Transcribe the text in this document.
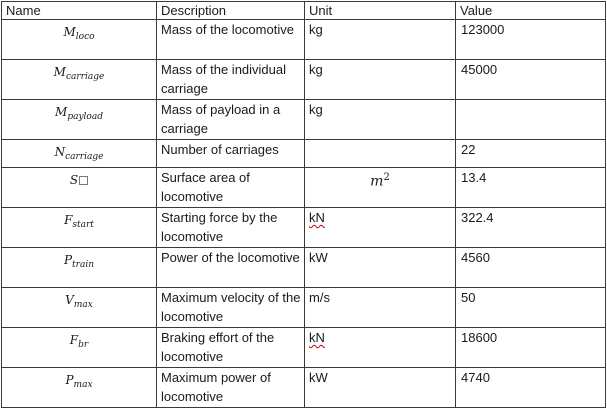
Name	Description	Unit	Value
$M_{loco}$	Mass of the locomotive	kg	123000
$M_{carriage}$	Mass of the individual carriage	kg	45000
$M_{payload}$	Mass of payload in a carriage	kg	
$N_{carriage}$	Number of carriages		22
S	Surface area of locomotive	$m^2$	13.4
$F_{start}$	Starting force by the locomotive	kN	322.4
$P_{train}$	Power of the locomotive	kW	4560
$V_{max}$	Maximum velocity of the locomotive	m/s	50
$F_{br}$	Braking effort of the locomotive	kN	18600
$P_{max}$	Maximum power of locomotive	kW	4740
